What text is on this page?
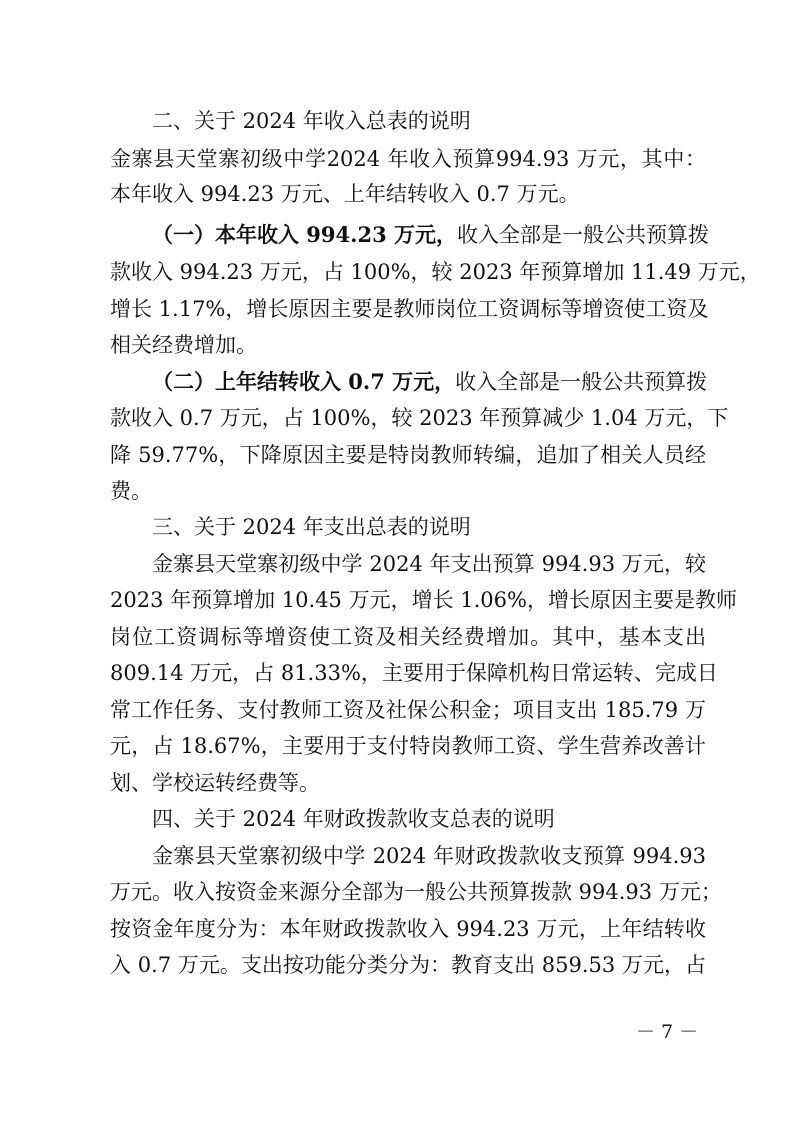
二、关于 2024 年收入总表的说明
金寨县天堂寨初级中学2024 年收入预算994.93 万元，其中：
本年收入 994.23 万元、上年结转收入 0.7 万元。
（一）本年收入 994.23 万元， 收入全部是一般公共预算拨
款收入 994.23 万元，占 100%，较 2023 年预算增加 11.49 万元，
增长 1.17%，增长原因主要是教师岗位工资调标等增资使工资及
相关经费增加。
（二）上年结转收入 0.7 万元， 收入全部是一般公共预算拨
款收入 0.7 万元，占 100%，较 2023 年预算减少 1.04 万元，下
降 59.77%，下降原因主要是特岗教师转编，追加了相关人员经
费。
三、关于 2024 年支出总表的说明
金寨县天堂寨初级中学 2024 年支出预算 994.93 万元，较
2023 年预算增加 10.45 万元，增长 1.06%，增长原因主要是教师
岗位工资调标等增资使工资及相关经费增加。其中，基本支出
809.14 万元，占 81.33%，主要用于保障机构日常运转、完成日
常工作任务、支付教师工资及社保公积金；项目支出 185.79 万
元，占 18.67%，主要用于支付特岗教师工资、学生营养改善计
划、学校运转经费等。
四、关于 2024 年财政拨款收支总表的说明
金寨县天堂寨初级中学 2024 年财政拨款收支预算 994.93
万元。收入按资金来源分全部为一般公共预算拨款 994.93 万元；
按资金年度分为：本年财政拨款收入 994.23 万元，上年结转收
入 0.7 万元。支出按功能分类分为：教育支出 859.53 万元，占
－ 7 －
